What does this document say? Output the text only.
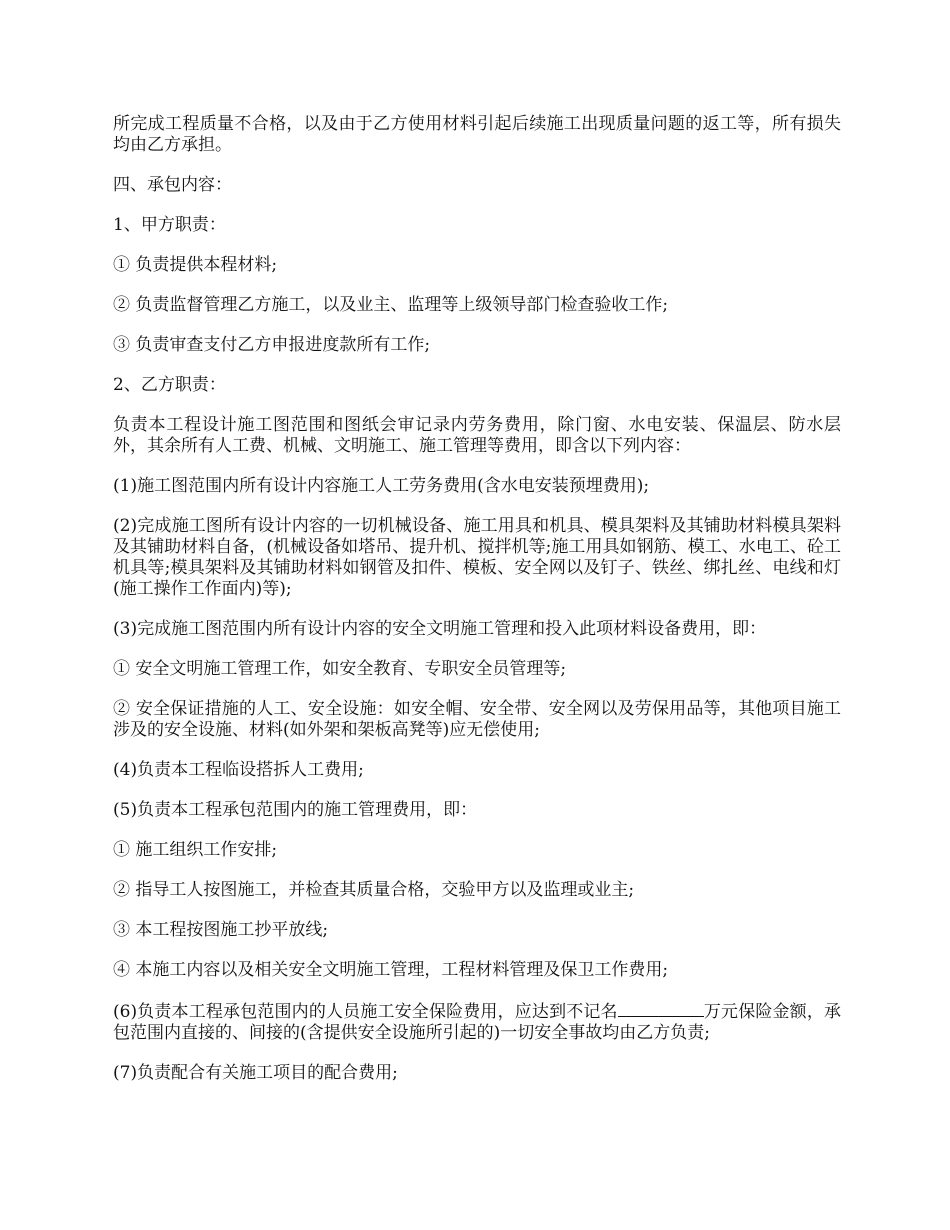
所完成工程质量不合格，以及由于乙方使用材料引起后续施工出现质量问题的返工等，所有损失均由乙方承担。

四、承包内容：

1、甲方职责：

① 负责提供本程材料;

② 负责监督管理乙方施工，以及业主、监理等上级领导部门检查验收工作;

③ 负责审查支付乙方申报进度款所有工作;

2、乙方职责：

负责本工程设计施工图范围和图纸会审记录内劳务费用，除门窗、水电安装、保温层、防水层外，其余所有人工费、机械、文明施工、施工管理等费用，即含以下列内容：

(1)施工图范围内所有设计内容施工人工劳务费用(含水电安装预埋费用);

(2)完成施工图所有设计内容的一切机械设备、施工用具和机具、模具架料及其铺助材料模具架料及其铺助材料自备，(机械设备如塔吊、提升机、搅拌机等;施工用具如钢筋、模工、水电工、砼工机具等;模具架料及其铺助材料如钢管及扣件、模板、安全网以及钉子、铁丝、绑扎丝、电线和灯(施工操作工作面内)等);

(3)完成施工图范围内所有设计内容的安全文明施工管理和投入此项材料设备费用，即：

① 安全文明施工管理工作，如安全教育、专职安全员管理等;

② 安全保证措施的人工、安全设施：如安全帽、安全带、安全网以及劳保用品等，其他项目施工涉及的安全设施、材料(如外架和架板高凳等)应无偿使用;

(4)负责本工程临设搭拆人工费用;

(5)负责本工程承包范围内的施工管理费用，即：

① 施工组织工作安排;

② 指导工人按图施工，并检查其质量合格，交验甲方以及监理或业主;

③ 本工程按图施工抄平放线;

④ 本施工内容以及相关安全文明施工管理，工程材料管理及保卫工作费用;

(6)负责本工程承包范围内的人员施工安全保险费用，应达到不记名	万元保险金额，承包范围内直接的、间接的(含提供安全设施所引起的)一切安全事故均由乙方负责;

(7)负责配合有关施工项目的配合费用;
